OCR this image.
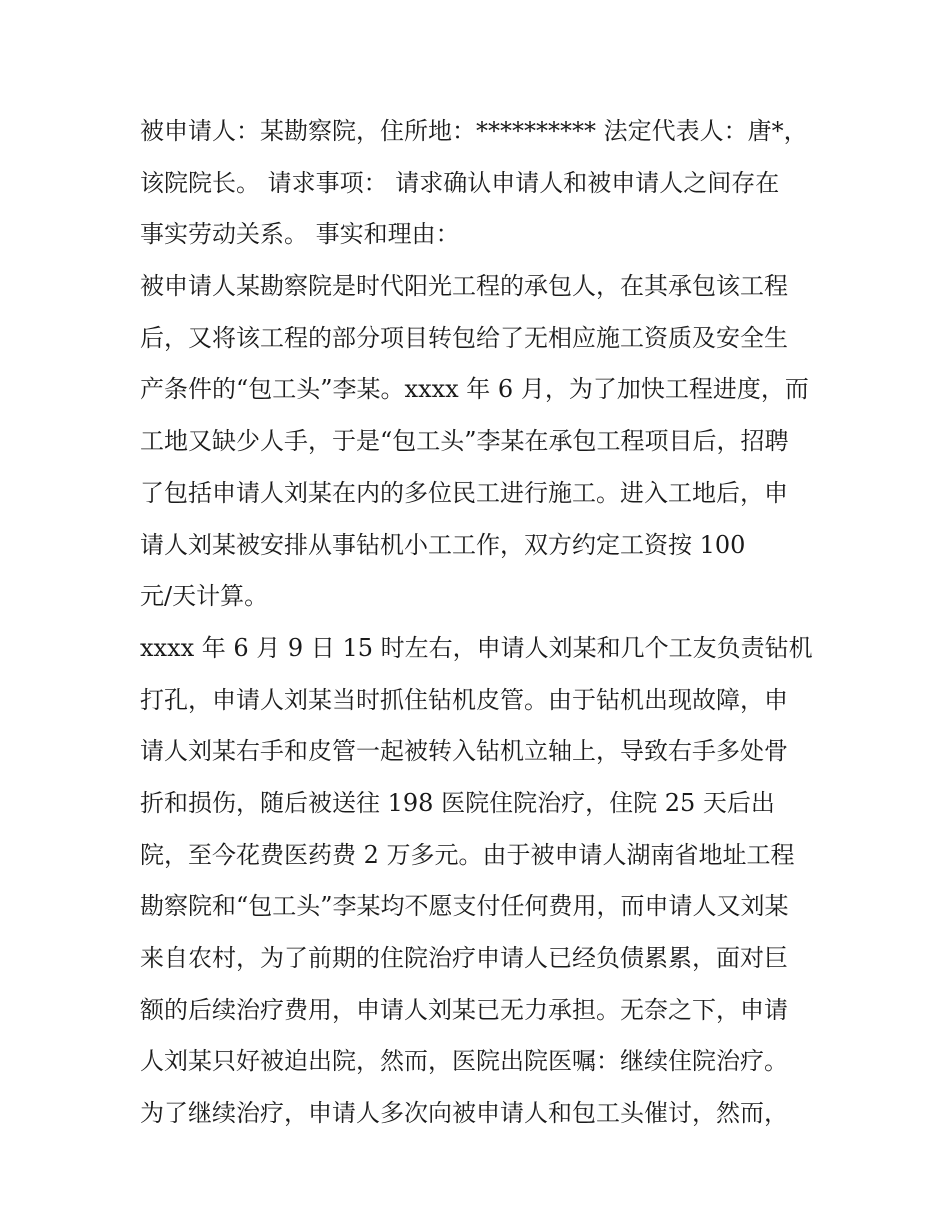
被申请人：某勘察院，住所地：********** 法定代表人：唐*，
该院院长。 请求事项： 请求确认申请人和被申请人之间存在
事实劳动关系。 事实和理由：
被申请人某勘察院是时代阳光工程的承包人，在其承包该工程
后，又将该工程的部分项目转包给了无相应施工资质及安全生
产条件的“包工头”李某。xxxx 年 6 月，为了加快工程进度，而
工地又缺少人手，于是“包工头”李某在承包工程项目后，招聘
了包括申请人刘某在内的多位民工进行施工。进入工地后，申
请人刘某被安排从事钻机小工工作，双方约定工资按 100
元/天计算。
xxxx 年 6 月 9 日 15 时左右，申请人刘某和几个工友负责钻机
打孔，申请人刘某当时抓住钻机皮管。由于钻机出现故障，申
请人刘某右手和皮管一起被转入钻机立轴上，导致右手多处骨
折和损伤，随后被送往 198 医院住院治疗，住院 25 天后出
院，至今花费医药费 2 万多元。由于被申请人湖南省地址工程
勘察院和“包工头”李某均不愿支付任何费用，而申请人又刘某
来自农村，为了前期的住院治疗申请人已经负债累累，面对巨
额的后续治疗费用，申请人刘某已无力承担。无奈之下，申请
人刘某只好被迫出院，然而，医院出院医嘱：继续住院治疗。
为了继续治疗，申请人多次向被申请人和包工头催讨，然而，
